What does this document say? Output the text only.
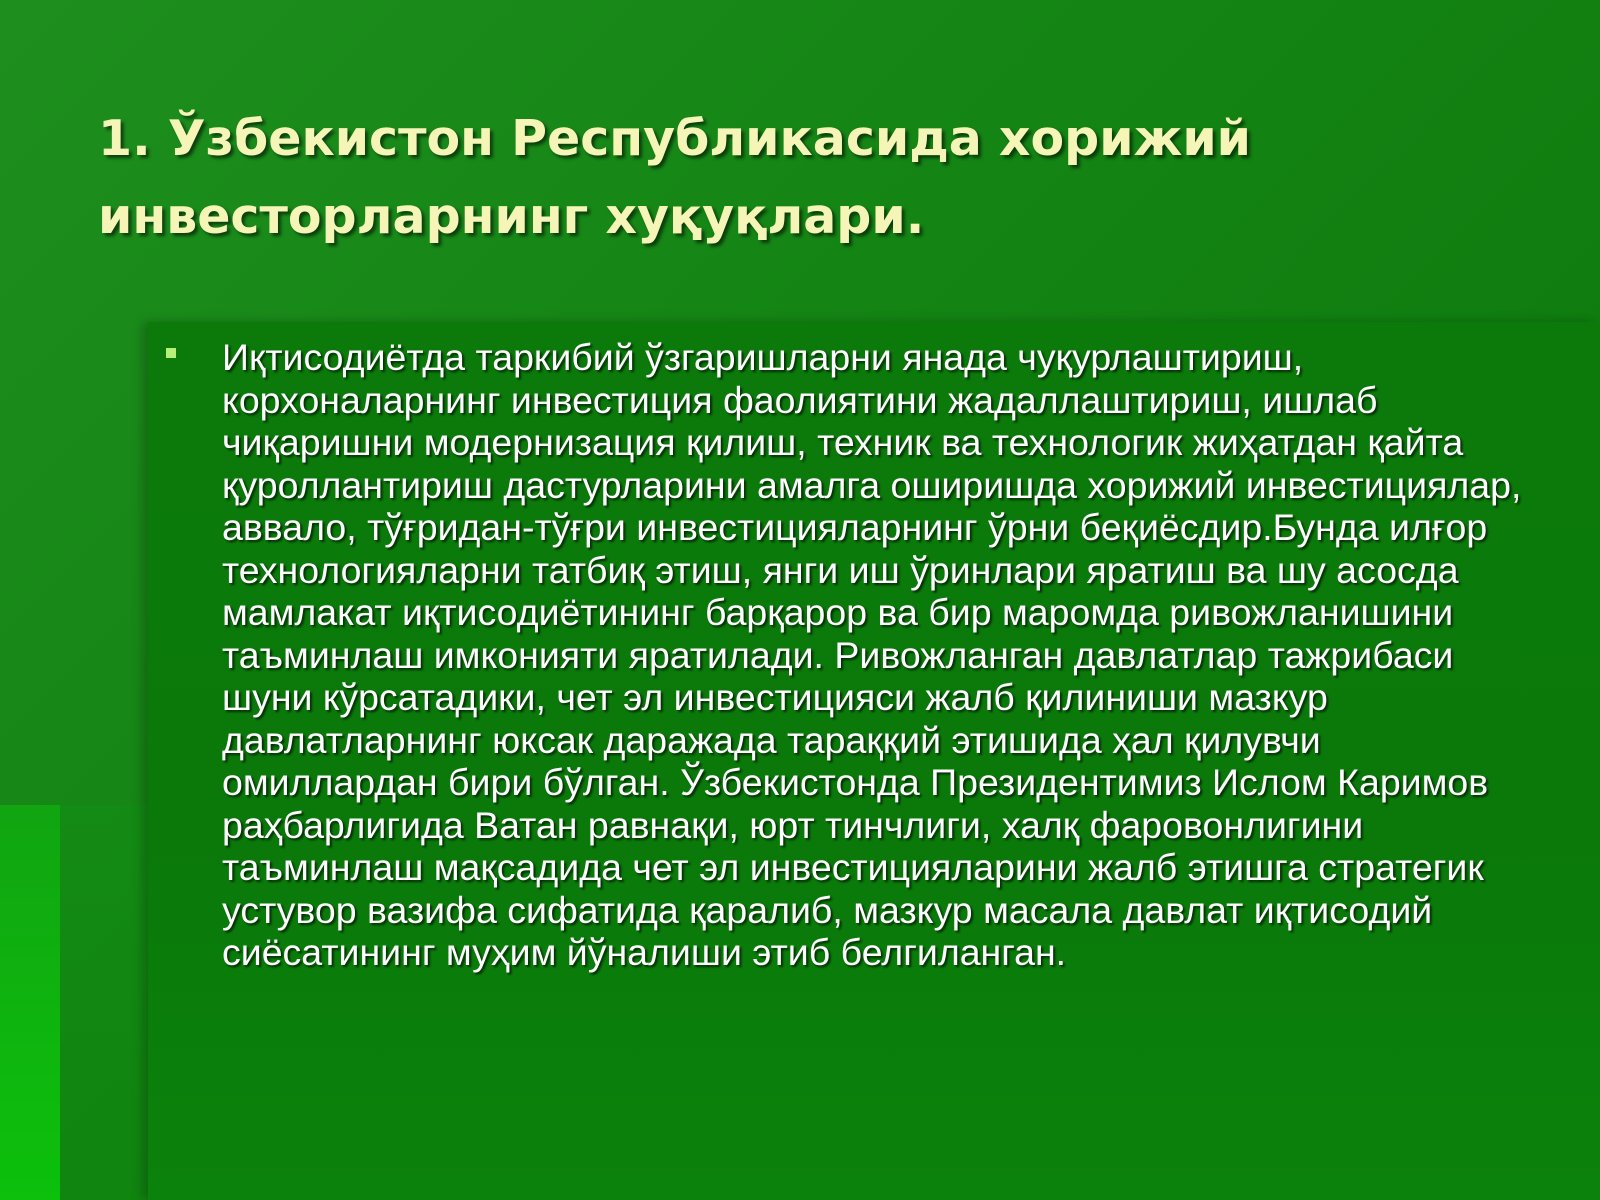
1. Ўзбекистон Республикасида хорижий инвесторларнинг хуқуқлари.

Иқтисодиётда таркибий ўзгаришларни янада чуқурлаштириш, корхоналарнинг инвестиция фаолиятини жадаллаштириш, ишлаб чиқаришни модернизация қилиш, техник ва технологик жиҳатдан қайта қуроллантириш дастурларини амалга оширишда хорижий инвестициялар, аввало, тўғридан-тўғри инвестицияларнинг ўрни беқиёсдир.Бунда илғор технологияларни татбиқ этиш, янги иш ўринлари яратиш ва шу асосда мамлакат иқтисодиётининг барқарор ва бир маромда ривожланишини таъминлаш имконияти яратилади. Ривожланган давлатлар тажрибаси шуни кўрсатадики, чет эл инвестицияси жалб қилиниши мазкур давлатларнинг юксак даражада тараққий этишида ҳал қилувчи омиллардан бири бўлган. Ўзбекистонда Президентимиз Ислом Каримов раҳбарлигида Ватан равнақи, юрт тинчлиги, халқ фаровонлигини таъминлаш мақсадида чет эл инвестицияларини жалб этишга стратегик устувор вазифа сифатида қаралиб, мазкур масала давлат иқтисодий сиёсатининг муҳим йўналиши этиб белгиланган.
